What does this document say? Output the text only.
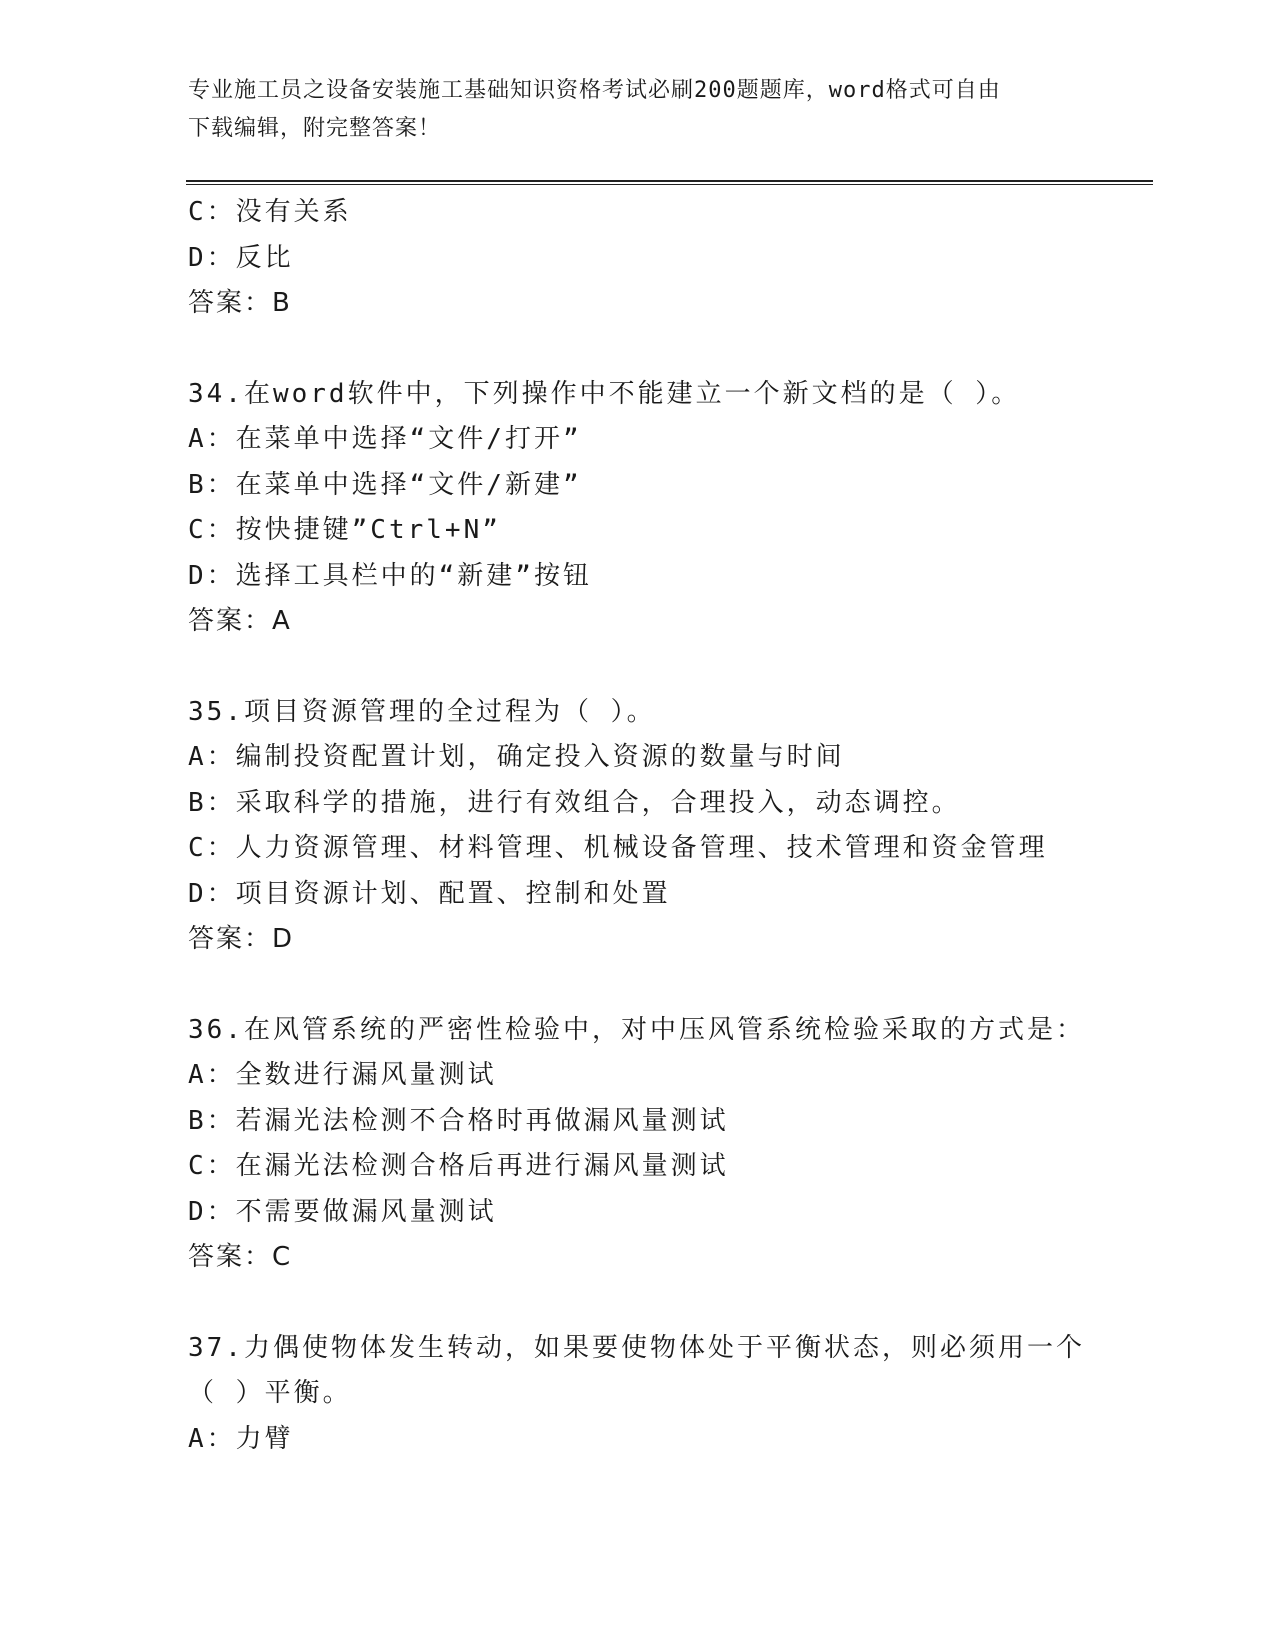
专业施工员之设备安装施工基础知识资格考试必刷200题题库，word格式可自由
下载编辑，附完整答案！
C：没有关系
D：反比
答案：B
34.在word软件中，下列操作中不能建立一个新文档的是（ ）。
A：在菜单中选择“文件/打开”
B：在菜单中选择“文件/新建”
C：按快捷键”Ctrl+N”
D：选择工具栏中的“新建”按钮
答案：A
35.项目资源管理的全过程为（ ）。
A：编制投资配置计划，确定投入资源的数量与时间
B：采取科学的措施，进行有效组合，合理投入，动态调控。
C：人力资源管理、材料管理、机械设备管理、技术管理和资金管理
D：项目资源计划、配置、控制和处置
答案：D
36.在风管系统的严密性检验中，对中压风管系统检验采取的方式是：
A：全数进行漏风量测试
B：若漏光法检测不合格时再做漏风量测试
C：在漏光法检测合格后再进行漏风量测试
D：不需要做漏风量测试
答案：C
37.力偶使物体发生转动，如果要使物体处于平衡状态，则必须用一个
（ ）平衡。
A：力臂
